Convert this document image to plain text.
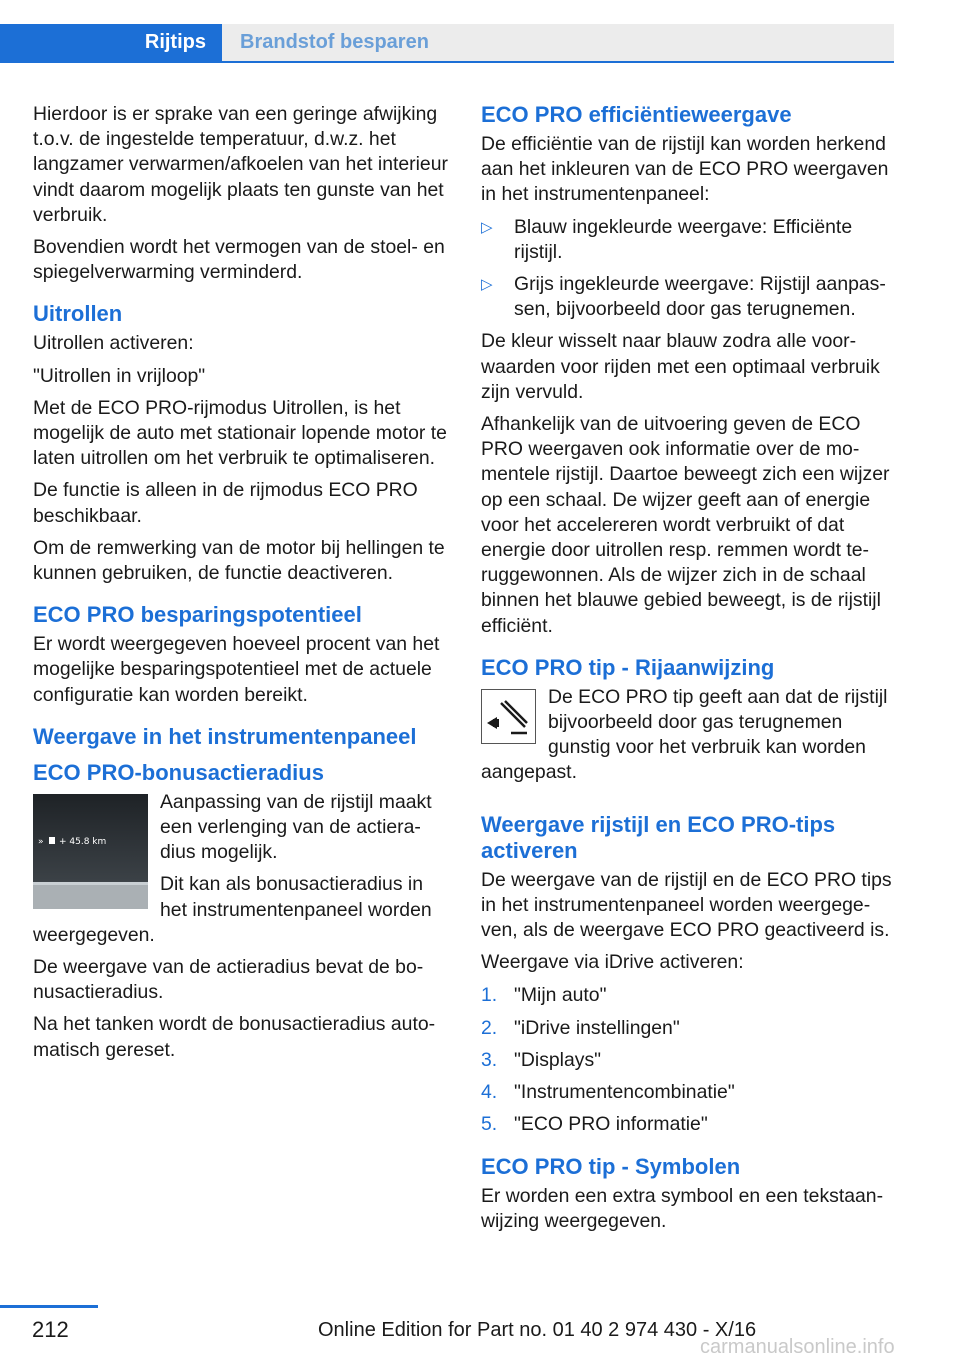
Rijtips Brandstof besparen

Hierdoor is er sprake van een geringe afwijking t.o.v. de ingestelde temperatuur, d.w.z. het langzamer verwarmen/afkoelen van het interieur vindt daarom mogelijk plaats ten gunste van het verbruik.

Bovendien wordt het vermogen van de stoel- en spiegelverwarming verminderd.

Uitrollen

Uitrollen activeren:

"Uitrollen in vrijloop"

Met de ECO PRO-rijmodus Uitrollen, is het mogelijk de auto met stationair lopende motor te laten uitrollen om het verbruik te optimaliseren.

De functie is alleen in de rijmodus ECO PRO beschikbaar.

Om de remwerking van de motor bij hellingen te kunnen gebruiken, de functie deactiveren.

ECO PRO besparingspotentieel

Er wordt weergegeven hoeveel procent van het mogelijke besparingspotentieel met de actuele configuratie kan worden bereikt.

Weergave in het instrumentenpaneel
ECO PRO-bonusactieradius
» + 45.8 km

Aanpassing van de rijstijl maakt een verlenging van de actieradius mogelijk.

Dit kan als bonusactieradius in het instrumentenpaneel worden weergegeven.

De weergave van de actieradius bevat de bonusactieradius.

Na het tanken wordt de bonusactieradius automatisch gereset.

ECO PRO efficiëntieweergave

De efficiëntie van de rijstijl kan worden herkend aan het inkleuren van de ECO PRO weergaven in het instrumentenpaneel:

▷ Blauw ingekleurde weergave: Efficiënte rijstijl.
▷ Grijs ingekleurde weergave: Rijstijl aanpassen, bijvoorbeeld door gas terugnemen.

De kleur wisselt naar blauw zodra alle voorwaarden voor rijden met een optimaal verbruik zijn vervuld.

Afhankelijk van de uitvoering geven de ECO PRO weergaven ook informatie over de momentele rijstijl. Daartoe beweegt zich een wijzer op een schaal. De wijzer geeft aan of energie voor het accelereren wordt verbruikt of dat energie door uitrollen resp. remmen wordt teruggewonnen. Als de wijzer zich in de schaal binnen het blauwe gebied beweegt, is de rijstijl efficiënt.

ECO PRO tip - Rijaanwijzing

De ECO PRO tip geeft aan dat de rijstijl bijvoorbeeld door gas terugnemen gunstig voor het verbruik kan worden aangepast.

Weergave rijstijl en ECO PRO-tips activeren

De weergave van de rijstijl en de ECO PRO tips in het instrumentenpaneel worden weergegeven, als de weergave ECO PRO geactiveerd is.

Weergave via iDrive activeren:

1. "Mijn auto"
2. "iDrive instellingen"
3. "Displays"
4. "Instrumentencombinatie"
5. "ECO PRO informatie"
ECO PRO tip - Symbolen

Er worden een extra symbool en een tekstaanwijzing weergegeven.

212	Online Edition for Part no. 01 40 2 974 430 - X/16
carmanualsonline.info
